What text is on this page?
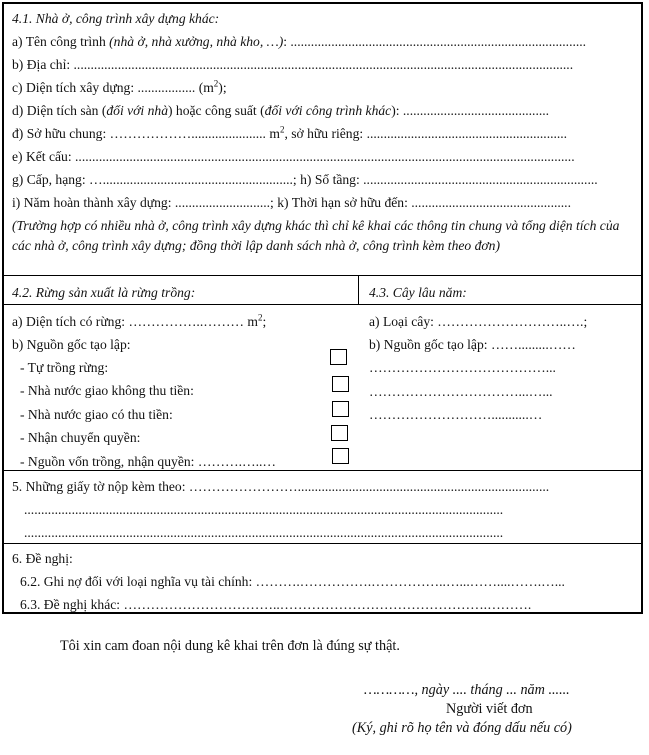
4.1. Nhà ở, công trình xây dựng khác:
a) Tên công trình (nhà ở, nhà xưởng, nhà kho, …): .......................................................................................
b) Địa chỉ: ...................................................................................................................................................
c) Diện tích xây dựng: ................. $(m^2)$;
d) Diện tích sàn (đối với nhà) hoặc công suất (đối với công trình khác): ...........................................
đ) Sở hữu chung: ………………...................... $m^2$, sở hữu riêng: ...........................................................
e) Kết cấu: ...................................................................................................................................................
g) Cấp, hạng: …........................................................; h) Số tầng: .....................................................................
i) Năm hoàn thành xây dựng: ............................; k) Thời hạn sở hữu đến: ...............................................
(Trường hợp có nhiều nhà ở, công trình xây dựng khác thì chỉ kê khai các thông tin chung và tổng diện tích của các nhà ở, công trình xây dựng; đồng thời lập danh sách nhà ở, công trình kèm theo đơn)
4.2. Rừng sản xuất là rừng trồng:	4.3. Cây lâu năm:
a) Diện tích có rừng: ……………..……… $m^2$;
b) Nguồn gốc tạo lập:
- Tự trồng rừng:
- Nhà nước giao không thu tiền:
- Nhà nước giao có thu tiền:
- Nhận chuyển quyền:
- Nguồn vốn trồng, nhận quyền: ……….…..…
a) Loại cây: ………………………..….;
b) Nguồn gốc tạo lập: …….........……
…………………………………...
……………………………...…...
………………………...........…
5. Những giấy tờ nộp kèm theo: ……………………..........................................................................
.............................................................................................................................................
.............................................................................................................................................
6. Đề nghị:
6.2. Ghi nợ đối với loại nghĩa vụ tài chính: ……….…………….……………..…...……....…….…...
6.3. Đề nghị khác: ……………………………..……………………………………….……….
Tôi xin cam đoan nội dung kê khai trên đơn là đúng sự thật.
…………, ngày .... tháng ... năm ......
Người viết đơn
(Ký, ghi rõ họ tên và đóng dấu nếu có)
